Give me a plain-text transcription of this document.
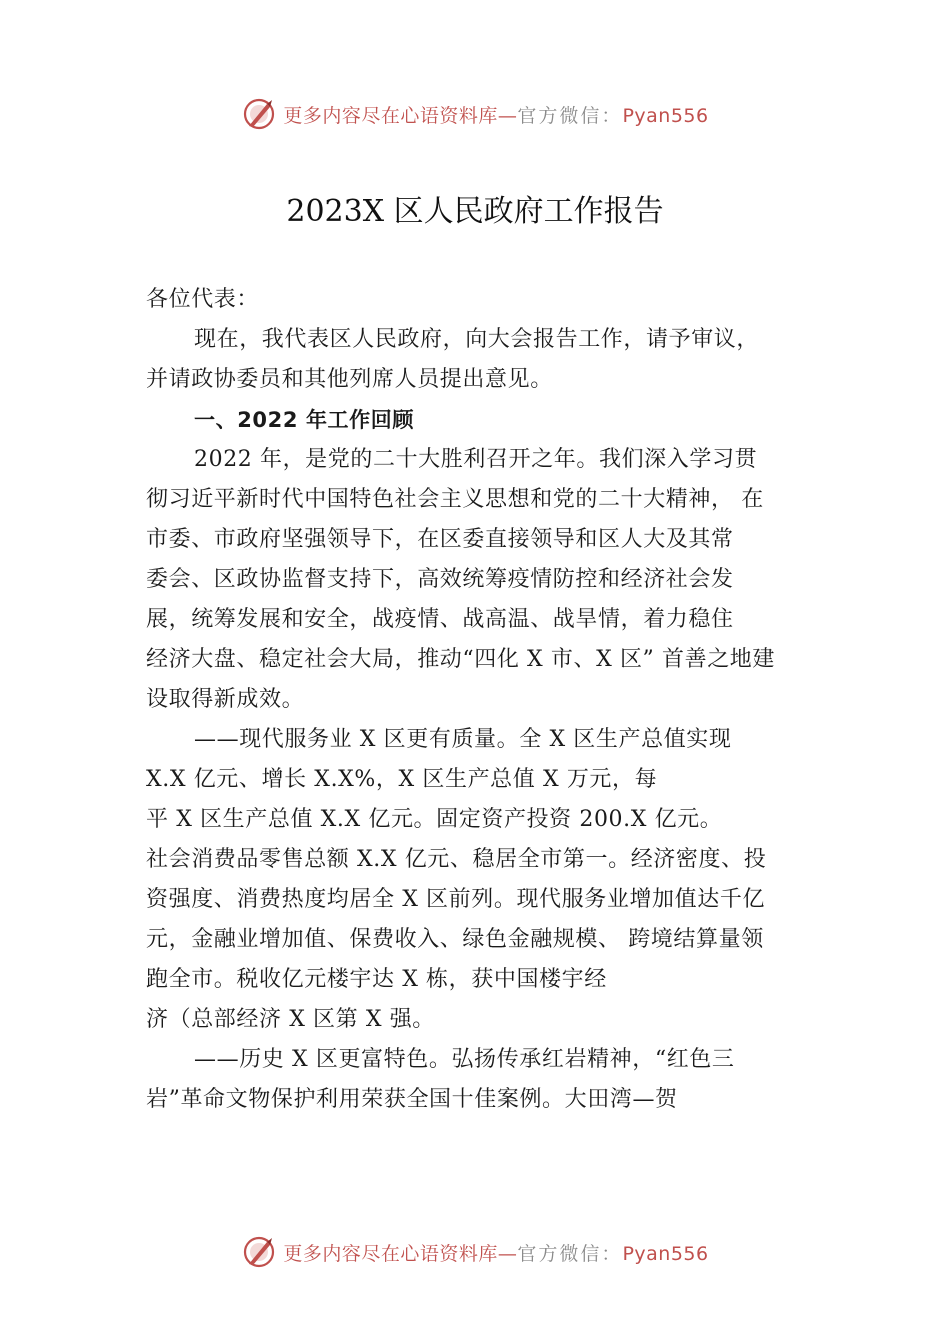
更多内容尽在心语资料库—官方微信：Pyan556
2023X 区人民政府工作报告

各位代表：

现在，我代表区人民政府，向大会报告工作，请予审议，

并请政协委员和其他列席人员提出意见。

一、2022 年工作回顾

2022 年，是党的二十大胜利召开之年。我们深入学习贯

彻习近平新时代中国特色社会主义思想和党的二十大精神， 在

市委、市政府坚强领导下，在区委直接领导和区人大及其常

委会、区政协监督支持下，高效统筹疫情防控和经济社会发

展，统筹发展和安全，战疫情、战高温、战旱情，着力稳住

经济大盘、稳定社会大局，推动“四化 X 市、X 区” 首善之地建

设取得新成效。

——现代服务业 X 区更有质量。全 X 区生产总值实现

X.X 亿元、增长 X.X%，X 区生产总值 X 万元，每

平 X 区生产总值 X.X 亿元。固定资产投资 200.X 亿元。

社会消费品零售总额 X.X 亿元、稳居全市第一。经济密度、投

资强度、消费热度均居全 X 区前列。现代服务业增加值达千亿

元，金融业增加值、保费收入、绿色金融规模、 跨境结算量领

跑全市。税收亿元楼宇达 X 栋，获中国楼宇经

济（总部经济 X 区第 X 强。

——历史 X 区更富特色。弘扬传承红岩精神，“红色三

岩”革命文物保护利用荣获全国十佳案例。大田湾—贺

更多内容尽在心语资料库—官方微信：Pyan556
